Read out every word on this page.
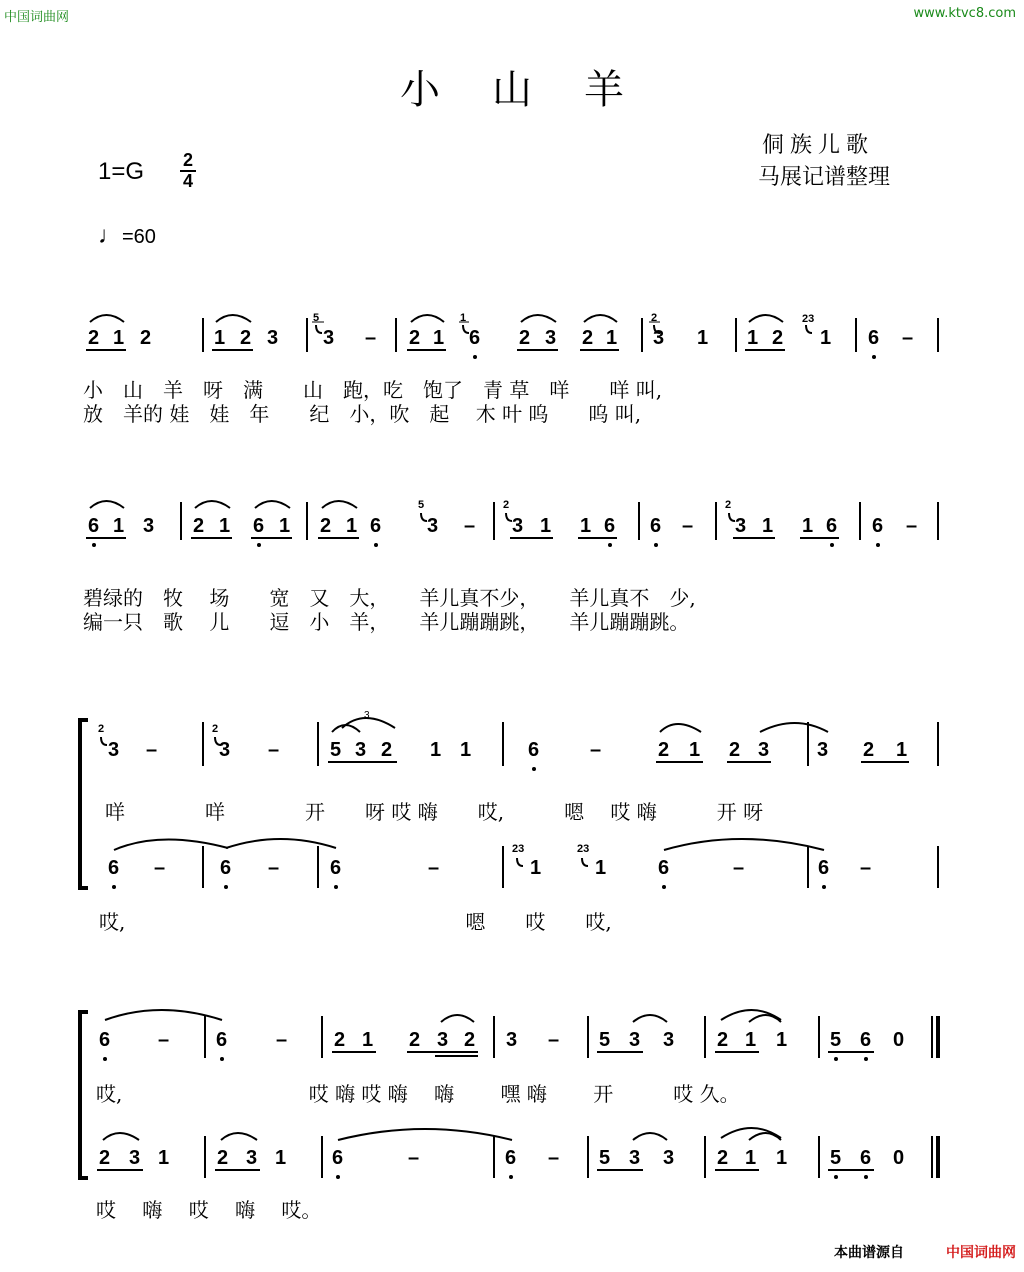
中国词曲网	www.ktvc8.com
小 山 羊
侗族儿歌
马展记谱整理
1=G 2
4
♩=60
2 1 2	1 2 3 3 – 2 1 6 2 3 2 1 3 1 1 2 1 6 –
5	1	2	23
6 1 3 2 1 6 1 2 1 6 3 – 3 1 1 6 6 – 3 1 1 6 6 –
5	2	2
3 –	3 –	5 3 2 1 1	6	–	2 1 2 3 3 2 1
2	2
6 –	6 –	6	–	1	1	6	–	6 –
23	23
3
6 – 6 – 2 1 2 3 2 3 – 5 3 3 2 1 1 5 6 0
2 3 1 2 3 1 6	–	6 – 5 3 3 2 1 1 5 6 0
小　山　羊　呀　满　　山　跑，吃　饱了　青 草　咩　　咩 叫,
放　羊的 娃　娃　年　　纪　小，吹　起　 木 叶 呜　　呜 叫,
碧绿的　牧　 场　　宽　又　大，　　羊儿真不少，　　羊儿真不　少,
编一只　歌　 儿　　逗　小　羊，　　羊儿蹦蹦跳，　　羊儿蹦蹦跳。
咩　　　　咩　　　　开　　呀 哎 嗨　　哎,　　　嗯　 哎 嗨　　　开 呀
哎,　　　　　　　　　　　　　　　　　嗯　　哎　　哎,
哎,　　　　　　　　　 哎 嗨 哎 嗨　 嗨　　 嘿 嗨　　 开　　　哎 久。
哎　 嗨　 哎　 嗨　 哎。
本曲谱源自	中国词曲网
